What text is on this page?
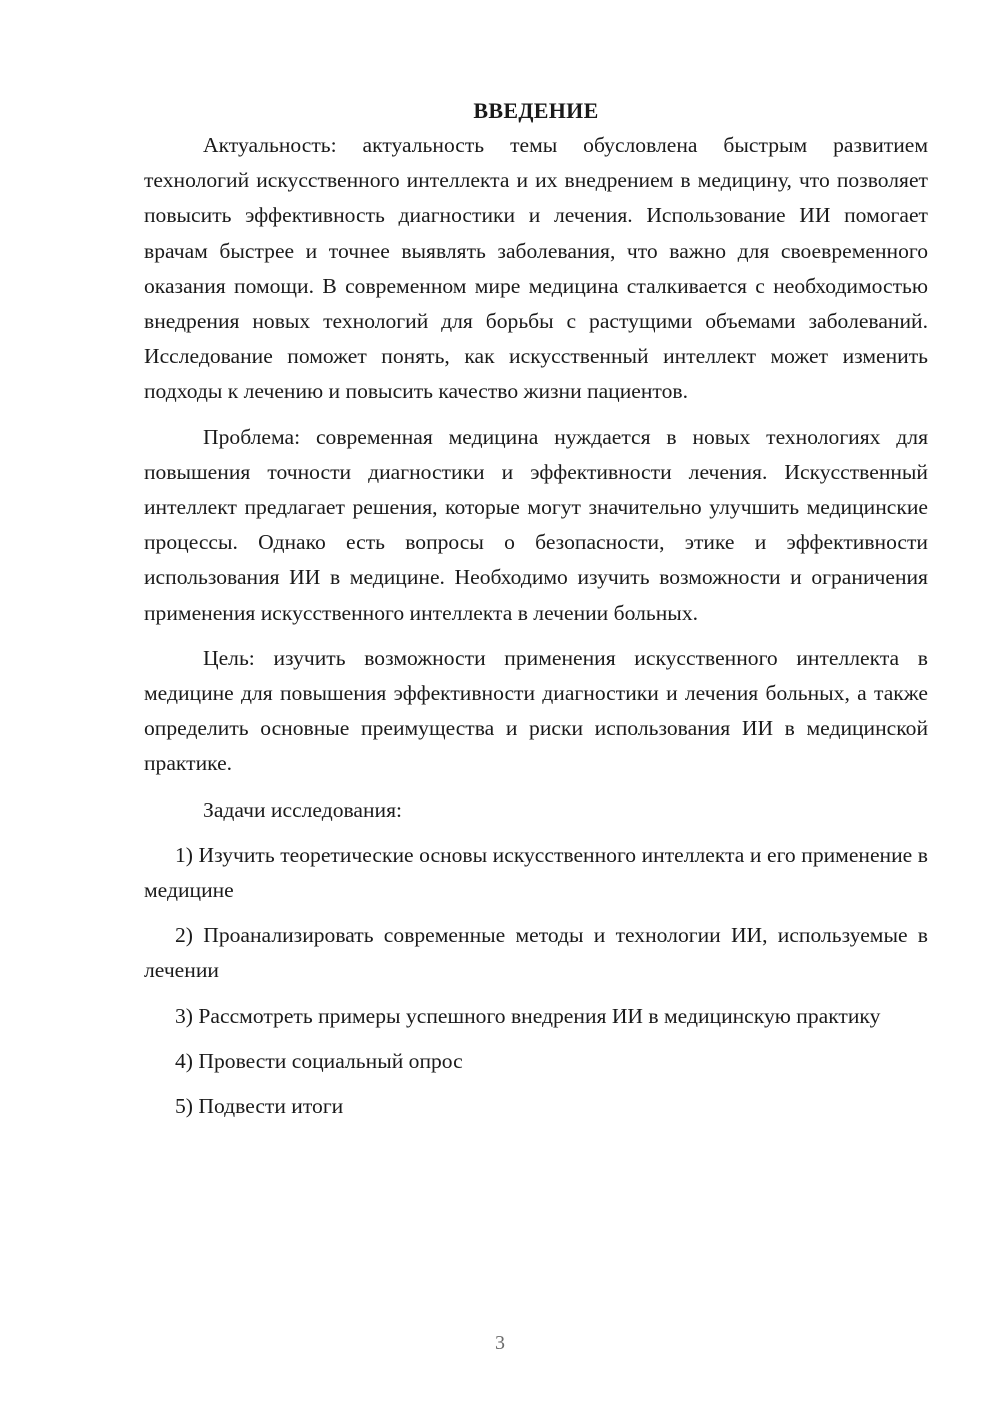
ВВЕДЕНИЕ

Актуальность: актуальность темы обусловлена быстрым развитием технологий искусственного интеллекта и их внедрением в медицину, что позволяет повысить эффективность диагностики и лечения. Использование ИИ помогает врачам быстрее и точнее выявлять заболевания, что важно для своевременного оказания помощи. В современном мире медицина сталкивается с необходимостью внедрения новых технологий для борьбы с растущими объемами заболеваний. Исследование поможет понять, как искусственный интеллект может изменить подходы к лечению и повысить качество жизни пациентов.

Проблема: современная медицина нуждается в новых технологиях для повышения точности диагностики и эффективности лечения. Искусственный интеллект предлагает решения, которые могут значительно улучшить медицинские процессы. Однако есть вопросы о безопасности, этике и эффективности использования ИИ в медицине. Необходимо изучить возможности и ограничения применения искусственного интеллекта в лечении больных.

Цель: изучить возможности применения искусственного интеллекта в медицине для повышения эффективности диагностики и лечения больных, а также определить основные преимущества и риски использования ИИ в медицинской практике.

Задачи исследования:

1) Изучить теоретические основы искусственного интеллекта и его применение в медицине

2) Проанализировать современные методы и технологии ИИ, используемые в лечении

3) Рассмотреть примеры успешного внедрения ИИ в медицинскую практику

4) Провести социальный опрос

5) Подвести итоги

3
